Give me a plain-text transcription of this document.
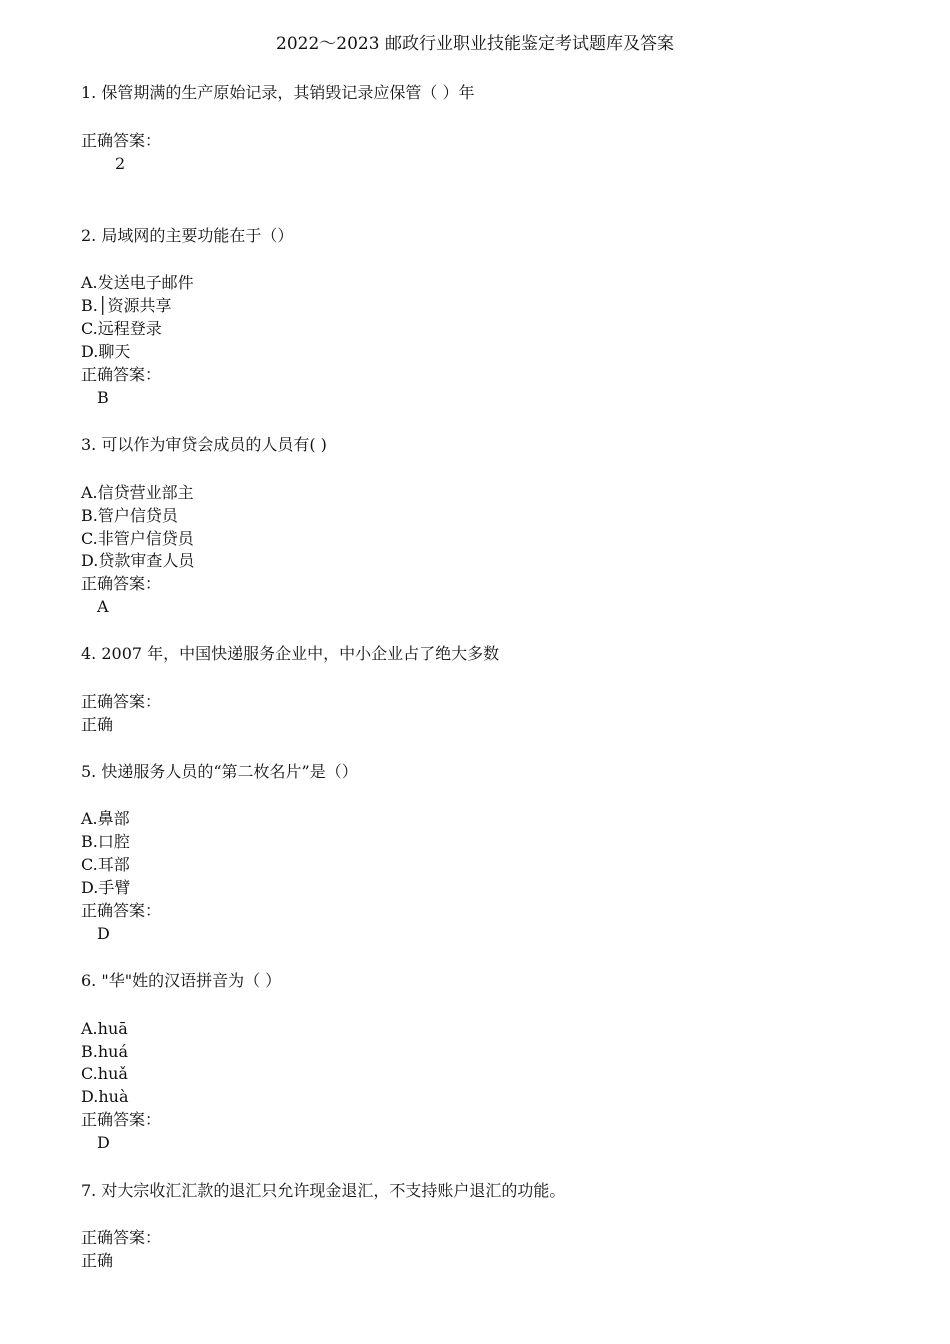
2022～2023 邮政行业职业技能鉴定考试题库及答案
1. 保管期满的生产原始记录，其销毁记录应保管（ ）年
正确答案：
2
2. 局域网的主要功能在于（）
A.发送电子邮件
B.│资源共享
C.远程登录
D.聊天
正确答案：
B
3. 可以作为审贷会成员的人员有( )
A.信贷营业部主
B.管户信贷员
C.非管户信贷员
D.贷款审查人员
正确答案：
A
4. 2007 年，中国快递服务企业中，中小企业占了绝大多数
正确答案：
正确
5. 快递服务人员的“第二枚名片”是（）
A.鼻部
B.口腔
C.耳部
D.手臂
正确答案：
D
6. "华"姓的汉语拼音为（ ）
A.huā
B.huá
C.huǎ
D.huà
正确答案：
D
7. 对大宗收汇汇款的退汇只允许现金退汇，不支持账户退汇的功能。
正确答案：
正确
